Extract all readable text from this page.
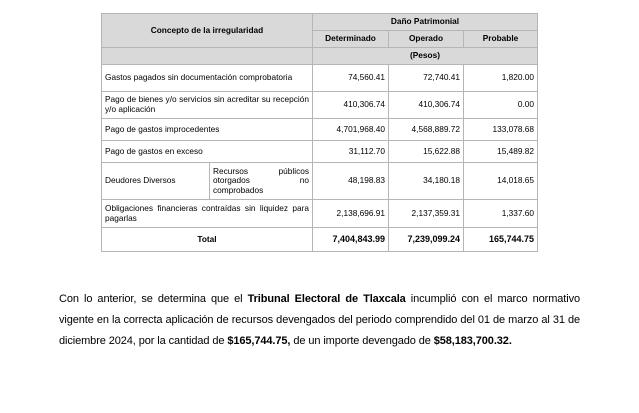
Concepto de la irregularidad		Daño Patrimonial		
		Determinado	Operado	Probable
		(Pesos)		
Gastos pagados sin documentación comprobatoria		74,560.41	72,740.41	1,820.00
Pago de bienes y/o servicios sin acreditar su recepción y/o aplicación		410,306.74	410,306.74	0.00
Pago de gastos improcedentes		4,701,968.40	4,568,889.72	133,078.68
Pago de gastos en exceso		31,112.70	15,622.88	15,489.82
Deudores Diversos	Recursos públicos otorgados no comprobados	48,198.83	34,180.18	14,018.65
Obligaciones financieras contraídas sin liquidez para pagarlas		2,138,696.91	2,137,359.31	1,337.60
Total		7,404,843.99	7,239,099.24	165,744.75

Con lo anterior, se determina que el Tribunal Electoral de Tlaxcala incumplió con el marco normativo vigente en la correcta aplicación de recursos devengados del periodo comprendido del 01 de marzo al 31 de diciembre 2024, por la cantidad de $165,744.75, de un importe devengado de $58,183,700.32.
